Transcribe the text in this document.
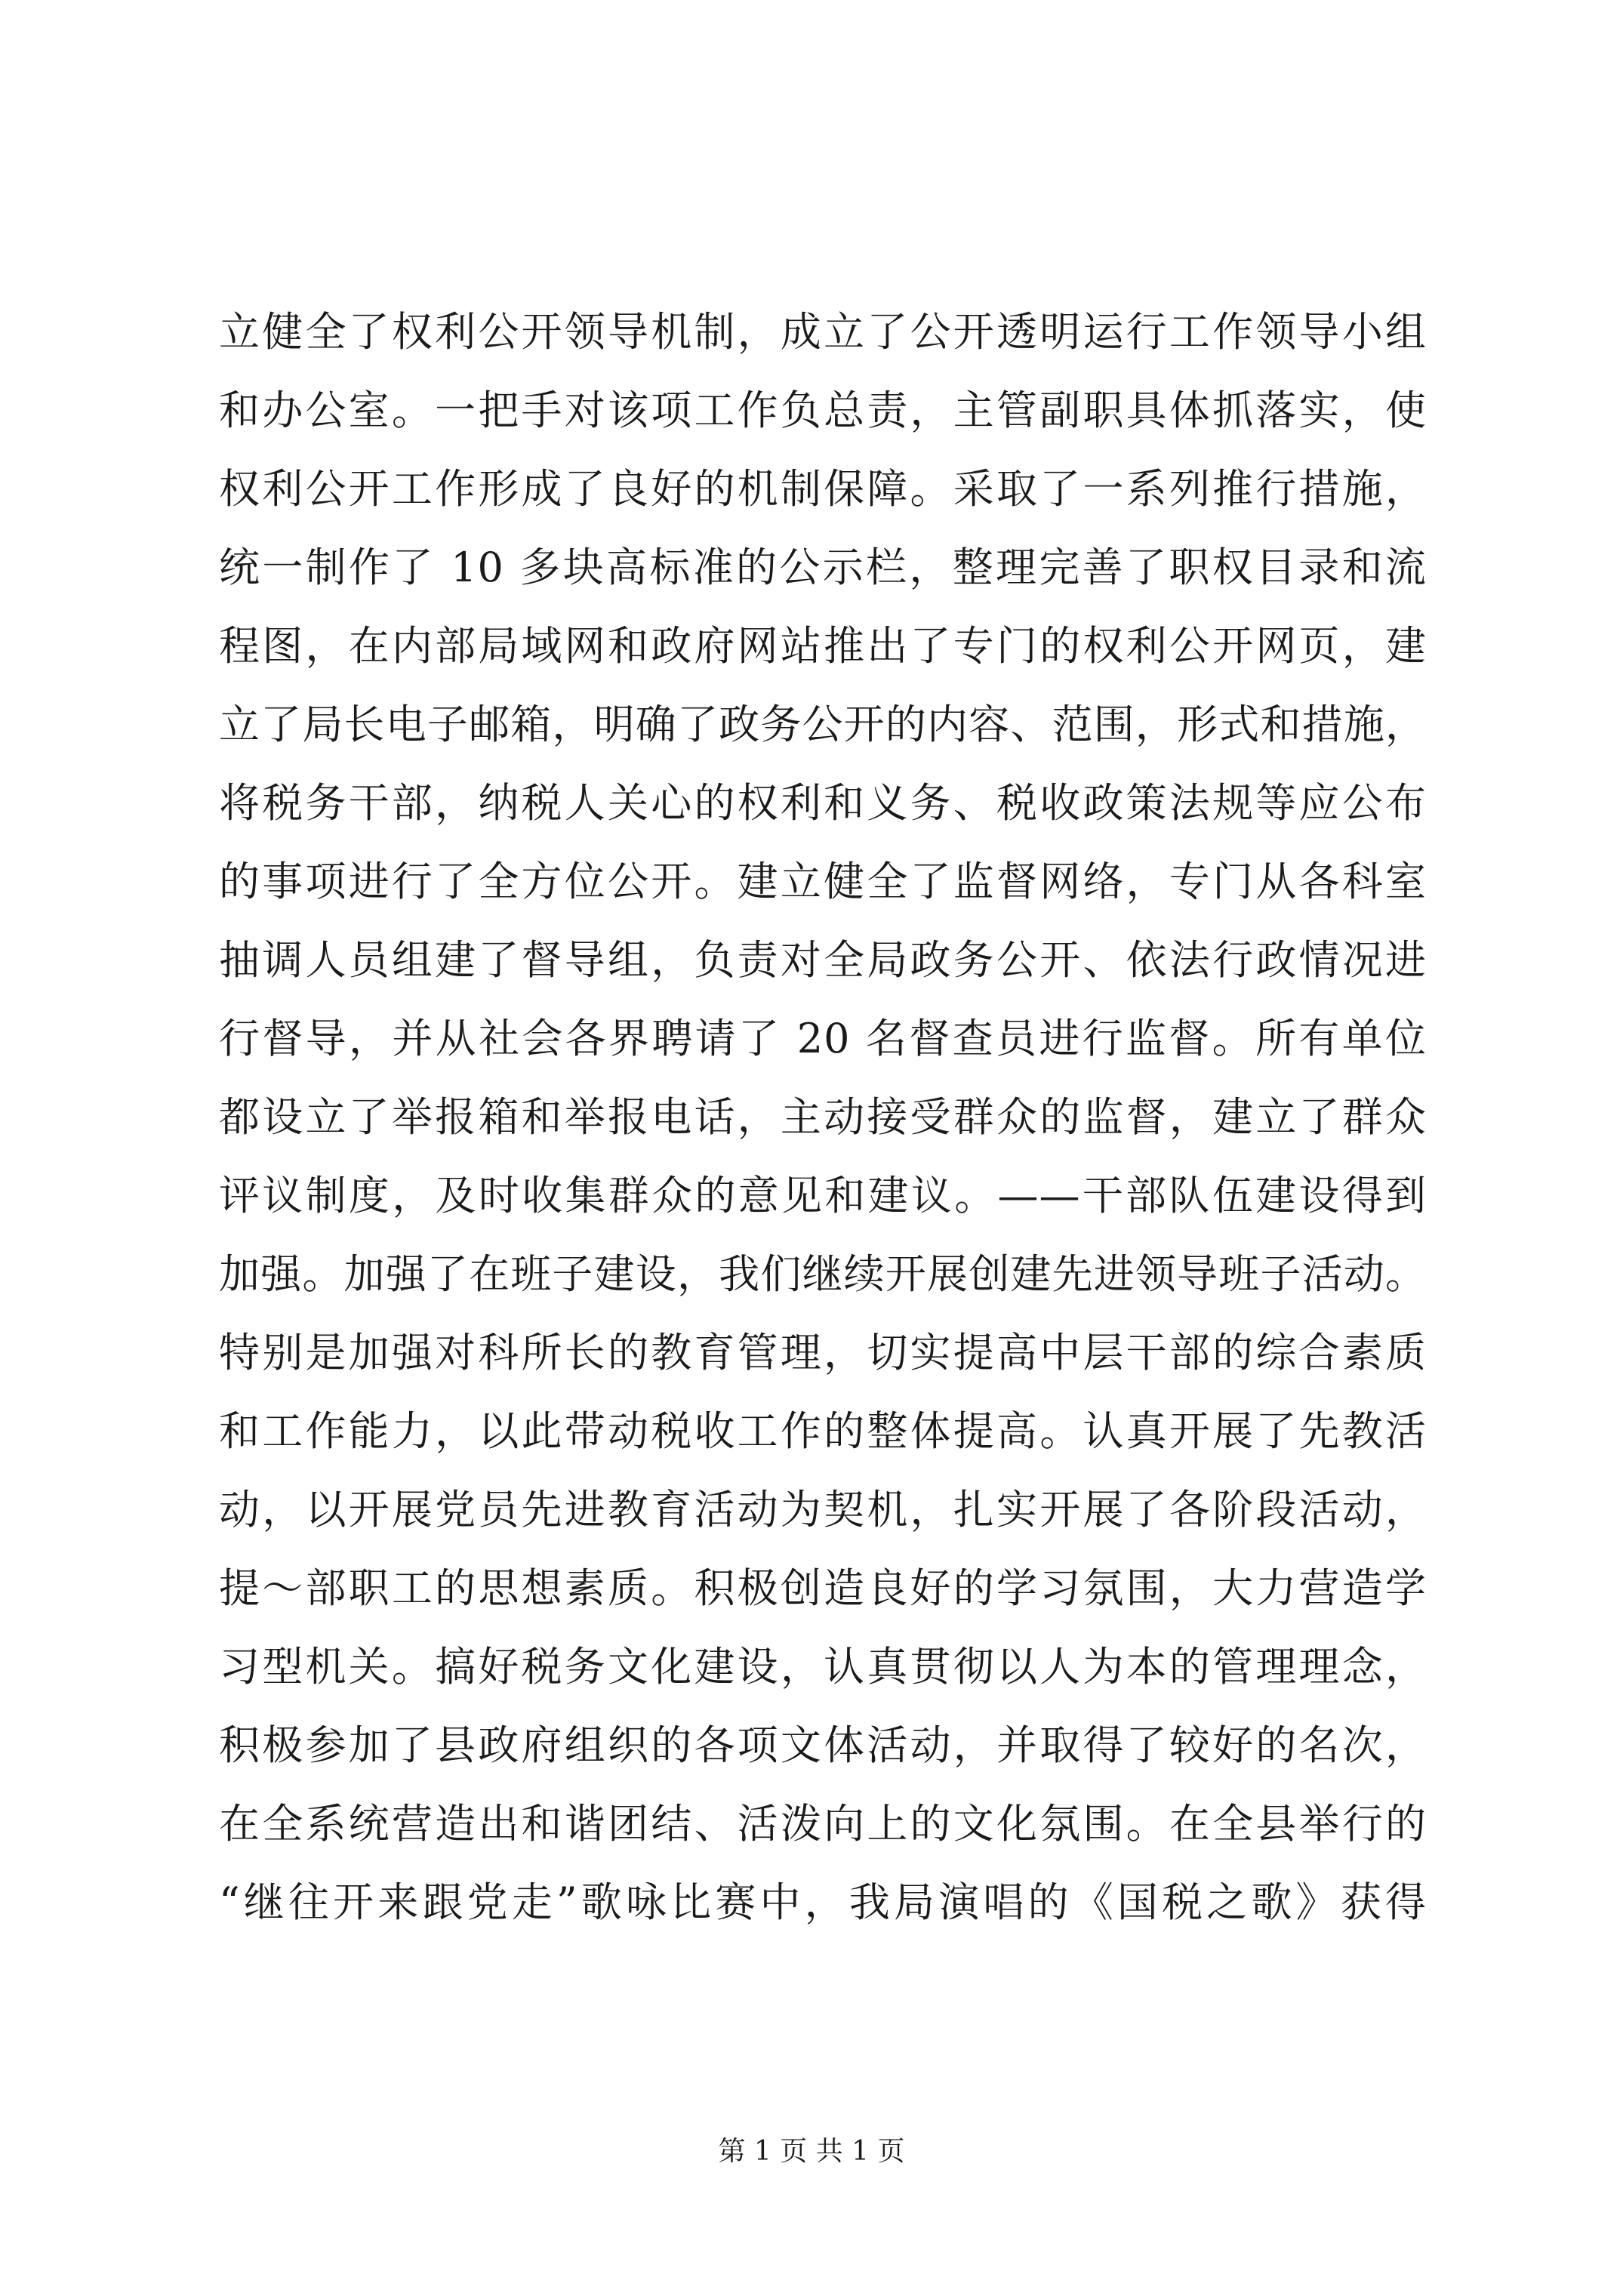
立健全了权利公开领导机制，成立了公开透明运行工作领导小组
和办公室。一把手对该项工作负总责，主管副职具体抓落实，使
权利公开工作形成了良好的机制保障。采取了一系列推行措施，
统一制作了 10 多块高标准的公示栏，整理完善了职权目录和流
程图，在内部局域网和政府网站推出了专门的权利公开网页，建
立了局长电子邮箱，明确了政务公开的内容、范围，形式和措施，
将税务干部，纳税人关心的权利和义务、税收政策法规等应公布
的事项进行了全方位公开。建立健全了监督网络，专门从各科室
抽调人员组建了督导组，负责对全局政务公开、依法行政情况进
行督导，并从社会各界聘请了 20 名督查员进行监督。所有单位
都设立了举报箱和举报电话，主动接受群众的监督，建立了群众
评议制度，及时收集群众的意见和建议。——干部队伍建设得到
加强。加强了在班子建设，我们继续开展创建先进领导班子活动。
特别是加强对科所长的教育管理，切实提高中层干部的综合素质
和工作能力，以此带动税收工作的整体提高。认真开展了先教活
动，以开展党员先进教育活动为契机，扎实开展了各阶段活动，
提～部职工的思想素质。积极创造良好的学习氛围，大力营造学
习型机关。搞好税务文化建设，认真贯彻以人为本的管理理念，
积极参加了县政府组织的各项文体活动，并取得了较好的名次，
在全系统营造出和谐团结、活泼向上的文化氛围。在全县举行的
“继往开来跟党走”歌咏比赛中，我局演唱的《国税之歌》获得
第 1 页 共 1 页
